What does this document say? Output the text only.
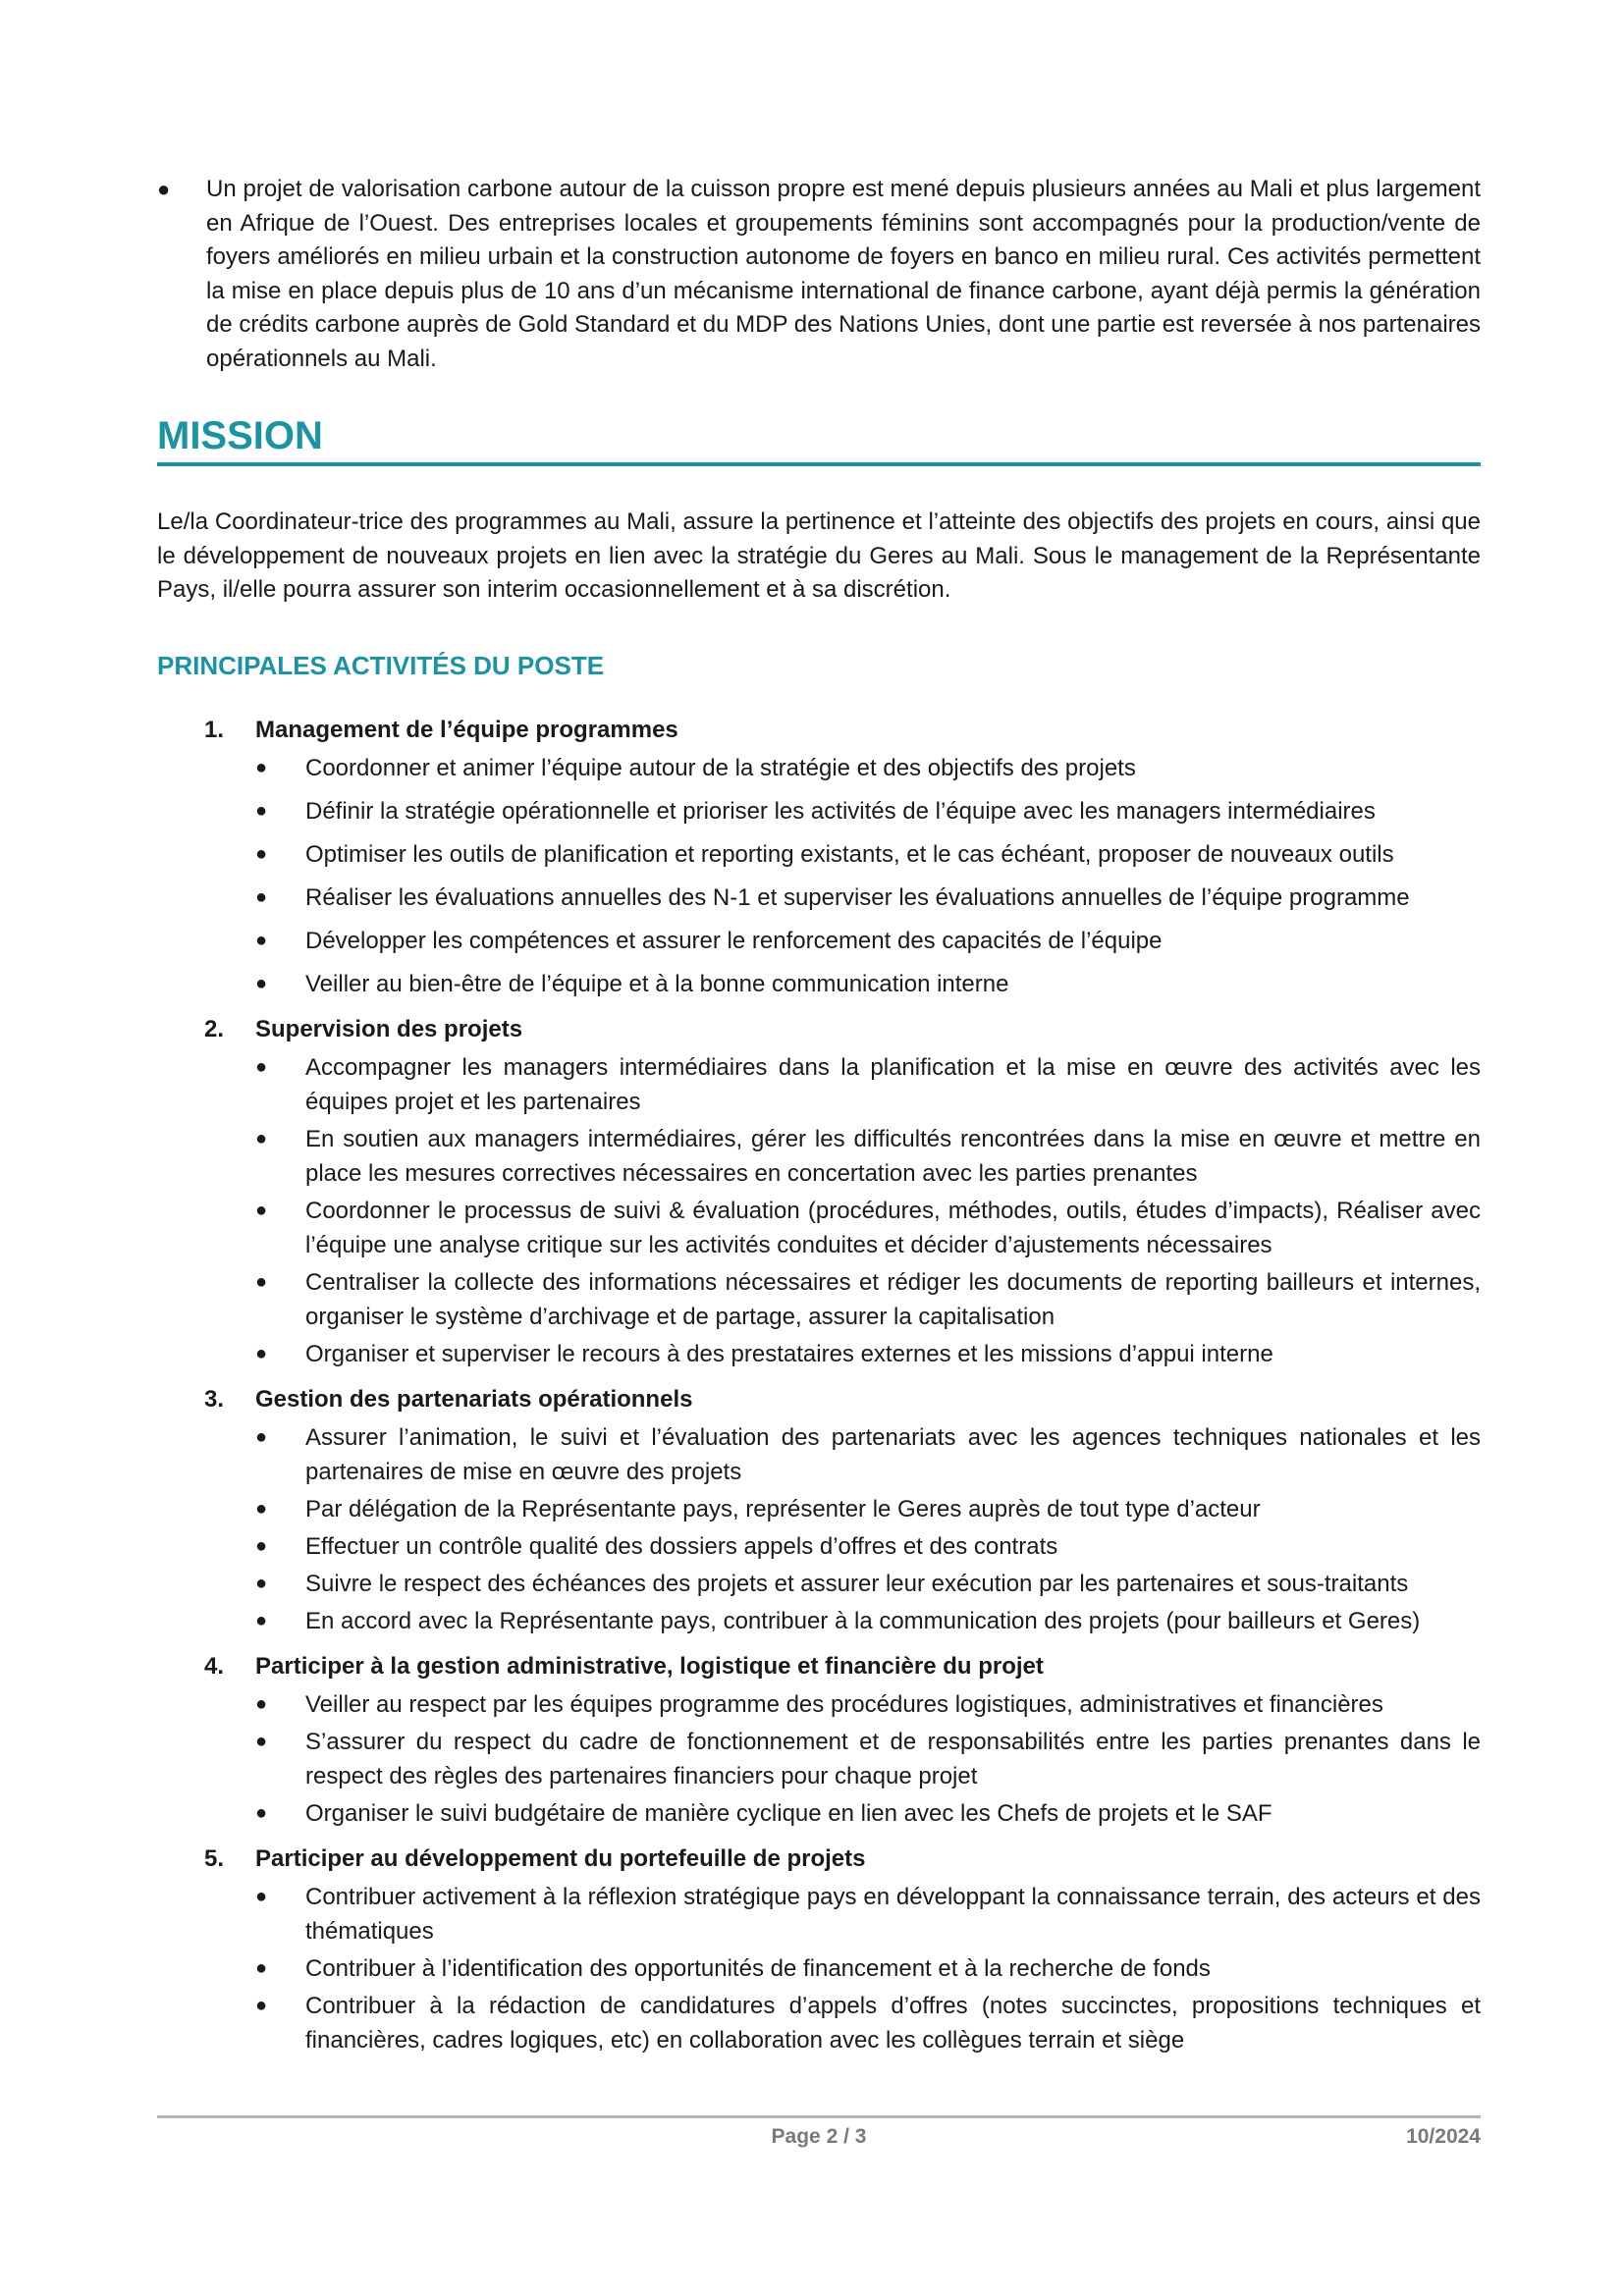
● Un projet de valorisation carbone autour de la cuisson propre est mené depuis plusieurs années au Mali et plus largement en Afrique de l’Ouest. Des entreprises locales et groupements féminins sont accompagnés pour la production/vente de foyers améliorés en milieu urbain et la construction autonome de foyers en banco en milieu rural. Ces activités permettent la mise en place depuis plus de 10 ans d’un mécanisme international de finance carbone, ayant déjà permis la génération de crédits carbone auprès de Gold Standard et du MDP des Nations Unies, dont une partie est reversée à nos partenaires opérationnels au Mali.
MISSION

Le/la Coordinateur-trice des programmes au Mali, assure la pertinence et l’atteinte des objectifs des projets en cours, ainsi que le développement de nouveaux projets en lien avec la stratégie du Geres au Mali. Sous le management de la Représentante Pays, il/elle pourra assurer son interim occasionnellement et à sa discrétion.

PRINCIPALES ACTIVITÉS DU POSTE
1. Management de l’équipe programmes
● Coordonner et animer l’équipe autour de la stratégie et des objectifs des projets
● Définir la stratégie opérationnelle et prioriser les activités de l’équipe avec les managers intermédiaires
● Optimiser les outils de planification et reporting existants, et le cas échéant, proposer de nouveaux outils
● Réaliser les évaluations annuelles des N-1 et superviser les évaluations annuelles de l’équipe programme
● Développer les compétences et assurer le renforcement des capacités de l’équipe
● Veiller au bien-être de l’équipe et à la bonne communication interne
2. Supervision des projets
● Accompagner les managers intermédiaires dans la planification et la mise en œuvre des activités avec les équipes projet et les partenaires
● En soutien aux managers intermédiaires, gérer les difficultés rencontrées dans la mise en œuvre et mettre en place les mesures correctives nécessaires en concertation avec les parties prenantes
● Coordonner le processus de suivi & évaluation (procédures, méthodes, outils, études d’impacts), Réaliser avec l’équipe une analyse critique sur les activités conduites et décider d’ajustements nécessaires
● Centraliser la collecte des informations nécessaires et rédiger les documents de reporting bailleurs et internes, organiser le système d’archivage et de partage, assurer la capitalisation
● Organiser et superviser le recours à des prestataires externes et les missions d’appui interne
3. Gestion des partenariats opérationnels
● Assurer l’animation, le suivi et l’évaluation des partenariats avec les agences techniques nationales et les partenaires de mise en œuvre des projets
● Par délégation de la Représentante pays, représenter le Geres auprès de tout type d’acteur
● Effectuer un contrôle qualité des dossiers appels d’offres et des contrats
● Suivre le respect des échéances des projets et assurer leur exécution par les partenaires et sous-traitants
● En accord avec la Représentante pays, contribuer à la communication des projets (pour bailleurs et Geres)
4. Participer à la gestion administrative, logistique et financière du projet
● Veiller au respect par les équipes programme des procédures logistiques, administratives et financières
● S’assurer du respect du cadre de fonctionnement et de responsabilités entre les parties prenantes dans le respect des règles des partenaires financiers pour chaque projet
● Organiser le suivi budgétaire de manière cyclique en lien avec les Chefs de projets et le SAF
5. Participer au développement du portefeuille de projets
● Contribuer activement à la réflexion stratégique pays en développant la connaissance terrain, des acteurs et des thématiques
● Contribuer à l’identification des opportunités de financement et à la recherche de fonds
● Contribuer à la rédaction de candidatures d’appels d’offres (notes succinctes, propositions techniques et financières, cadres logiques, etc) en collaboration avec les collègues terrain et siège
Page 2 / 3	10/2024
